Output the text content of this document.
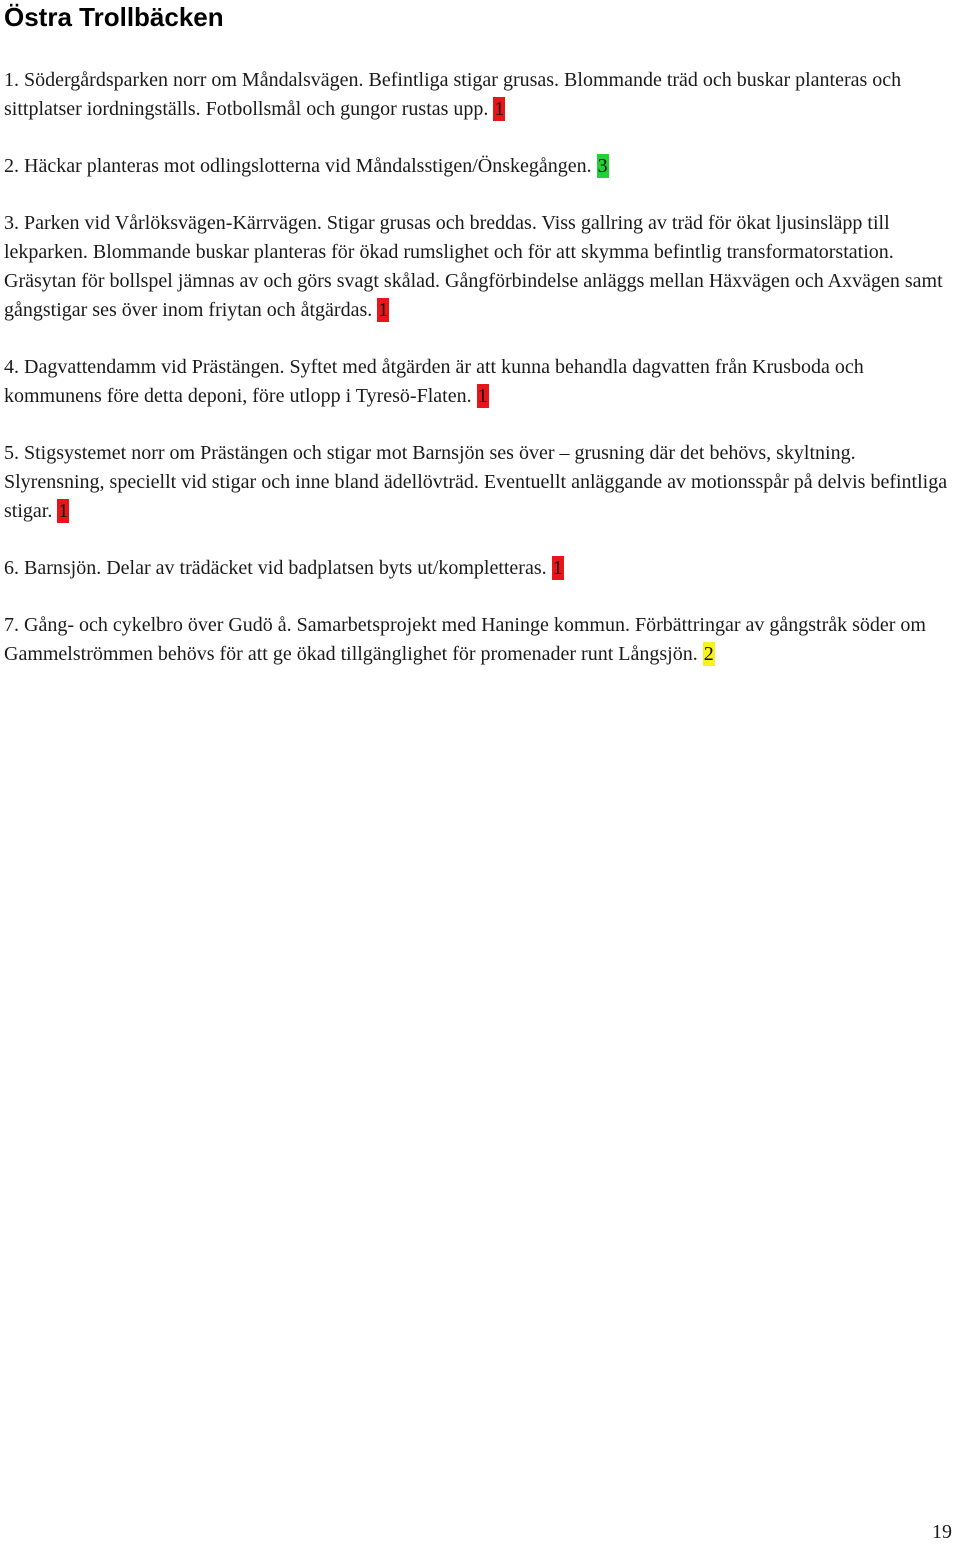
Östra Trollbäcken

1. Södergårdsparken norr om Måndalsvägen. Befintliga stigar grusas. Blommande träd och buskar planteras och sittplatser iordningställs. Fotbollsmål och gungor rustas upp. 1

2. Häckar planteras mot odlingslotterna vid Måndalsstigen/Önskegången. 3

3. Parken vid Vårlöksvägen-Kärrvägen. Stigar grusas och breddas. Viss gallring av träd för ökat ljusinsläpp till lekparken. Blommande buskar planteras för ökad rumslighet och för att skymma befintlig transformatorstation. Gräsytan för bollspel jämnas av och görs svagt skålad. Gångförbindelse anläggs mellan Häxvägen och Axvägen samt gångstigar ses över inom friytan och åtgärdas. 1

4. Dagvattendamm vid Prästängen. Syftet med åtgärden är att kunna behandla dagvatten från Krusboda och kommunens före detta deponi, före utlopp i Tyresö-Flaten. 1

5. Stigsystemet norr om Prästängen och stigar mot Barnsjön ses över – grusning där det behövs, skyltning. Slyrensning, speciellt vid stigar och inne bland ädellövträd. Eventuellt anläggande av motionsspår på delvis befintliga stigar. 1

6. Barnsjön. Delar av trädäcket vid badplatsen byts ut/kompletteras. 1

7. Gång- och cykelbro över Gudö å. Samarbetsprojekt med Haninge kommun. Förbättringar av gångstråk söder om Gammelströmmen behövs för att ge ökad tillgänglighet för promenader runt Långsjön. 2

19
